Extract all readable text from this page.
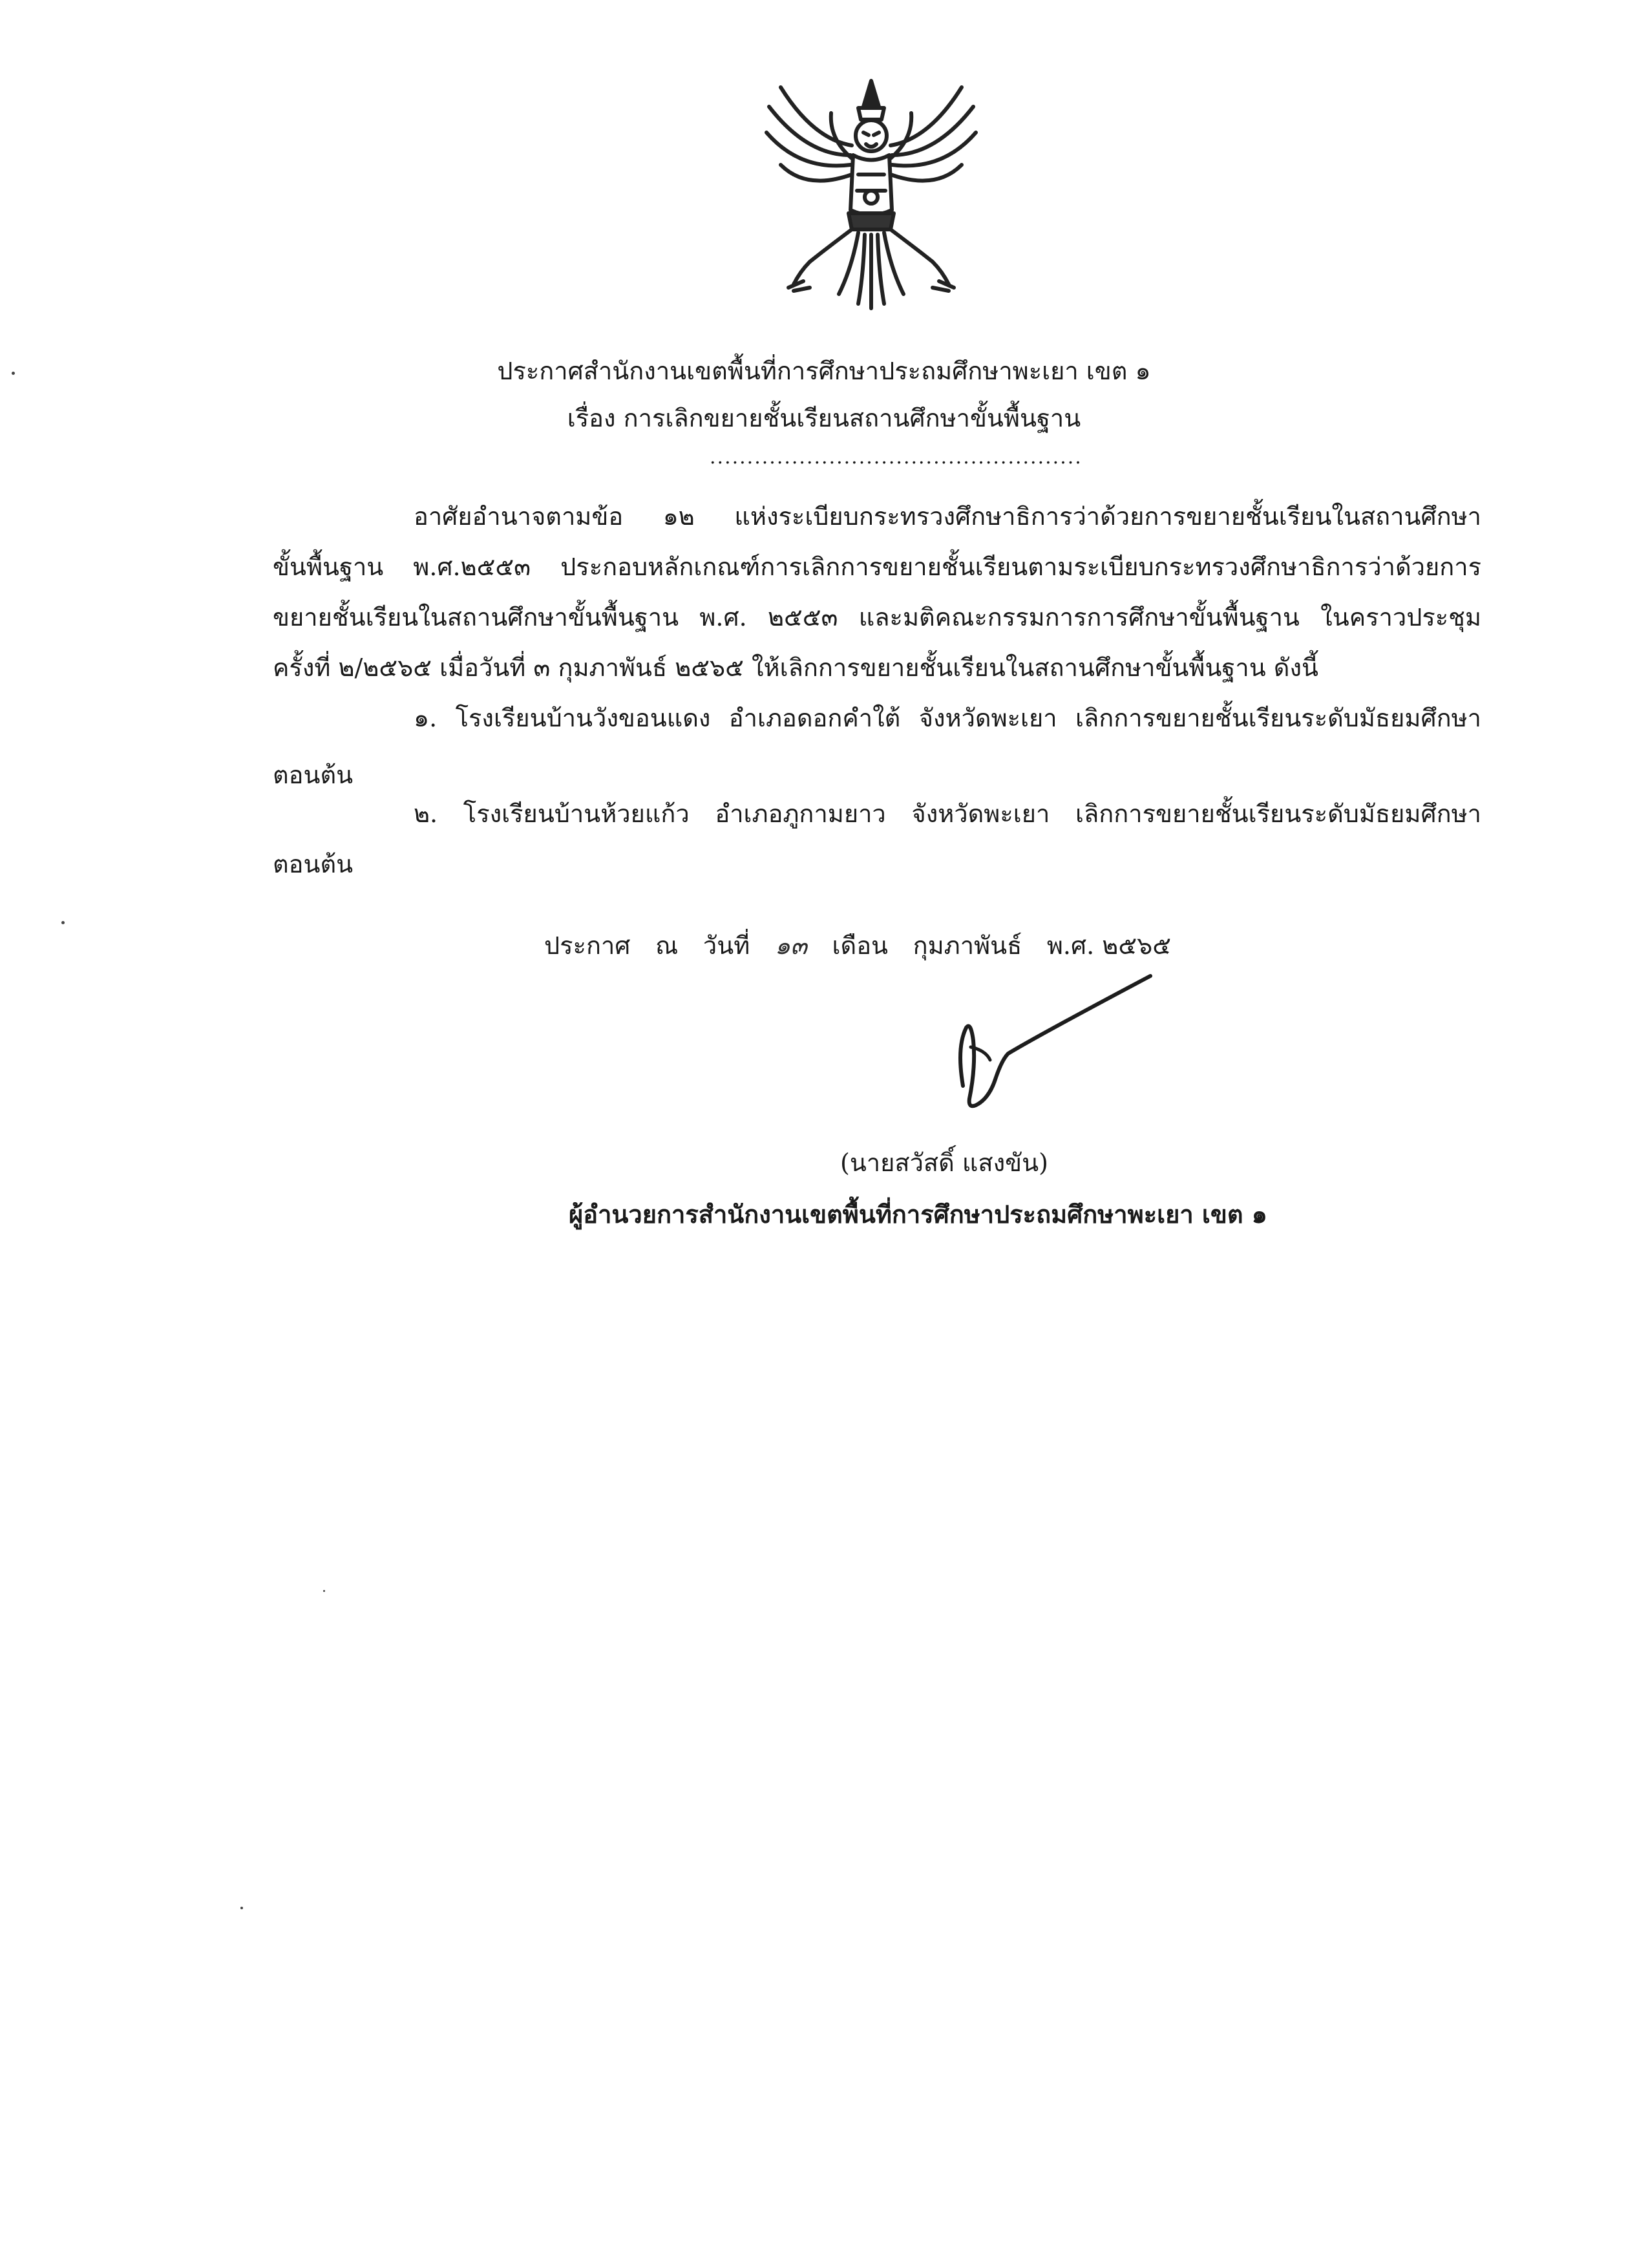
ประกาศสำนักงานเขตพื้นที่การศึกษาประถมศึกษาพะเยา เขต ๑
เรื่อง การเลิกขยายชั้นเรียนสถานศึกษาขั้นพื้นฐาน
..................................................
อาศัยอำนาจตามข้อ ๑๒ แห่งระเบียบกระทรวงศึกษาธิการว่าด้วยการขยายชั้นเรียนในสถานศึกษา
ขั้นพื้นฐาน พ.ศ.๒๕๕๓ ประกอบหลักเกณฑ์การเลิกการขยายชั้นเรียนตามระเบียบกระทรวงศึกษาธิการว่าด้วยการ
ขยายชั้นเรียนในสถานศึกษาขั้นพื้นฐาน พ.ศ. ๒๕๕๓ และมติคณะกรรมการการศึกษาขั้นพื้นฐาน ในคราวประชุม
ครั้งที่ ๒/๒๕๖๕ เมื่อวันที่ ๓ กุมภาพันธ์ ๒๕๖๕ ให้เลิกการขยายชั้นเรียนในสถานศึกษาขั้นพื้นฐาน ดังนี้
๑. โรงเรียนบ้านวังขอนแดง อำเภอดอกคำใต้ จังหวัดพะเยา เลิกการขยายชั้นเรียนระดับมัธยมศึกษา
ตอนต้น
๒. โรงเรียนบ้านห้วยแก้ว อำเภอภูกามยาว จังหวัดพะเยา เลิกการขยายชั้นเรียนระดับมัธยมศึกษา
ตอนต้น
ประกาศ ณ วันที่ ๑๓ เดือน กุมภาพันธ์ พ.ศ. ๒๕๖๕
(นายสวัสดิ์ แสงขัน)
ผู้อำนวยการสำนักงานเขตพื้นที่การศึกษาประถมศึกษาพะเยา เขต ๑
